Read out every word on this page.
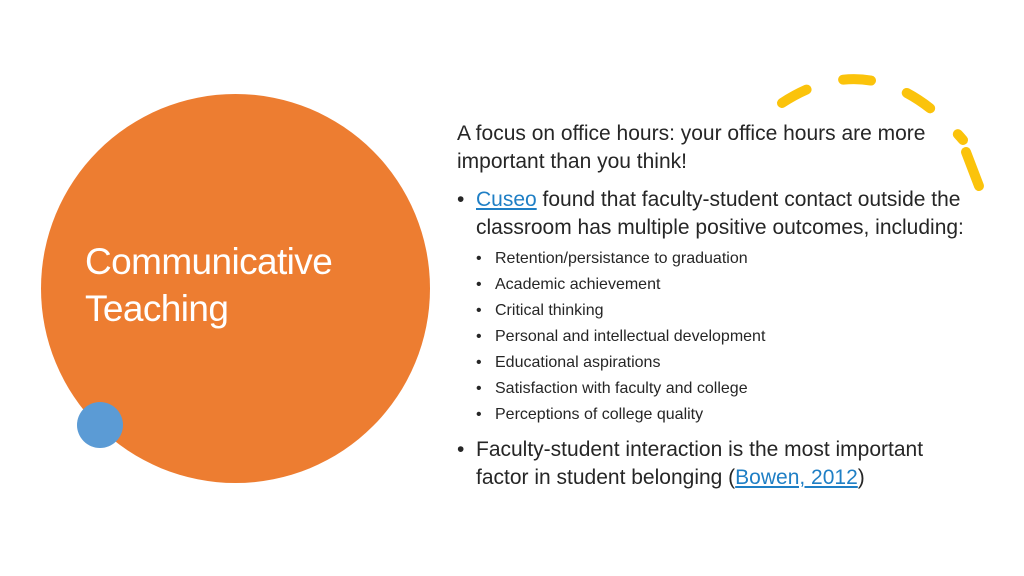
Communicative Teaching

A focus on office hours: your office hours are more important than you think!

• Cuseo found that faculty-student contact outside the classroom has multiple positive outcomes, including:
• Retention/persistance to graduation
• Academic achievement
• Critical thinking
• Personal and intellectual development
• Educational aspirations
• Satisfaction with faculty and college
• Perceptions of college quality
• Faculty-student interaction is the most important factor in student belonging (Bowen, 2012)
